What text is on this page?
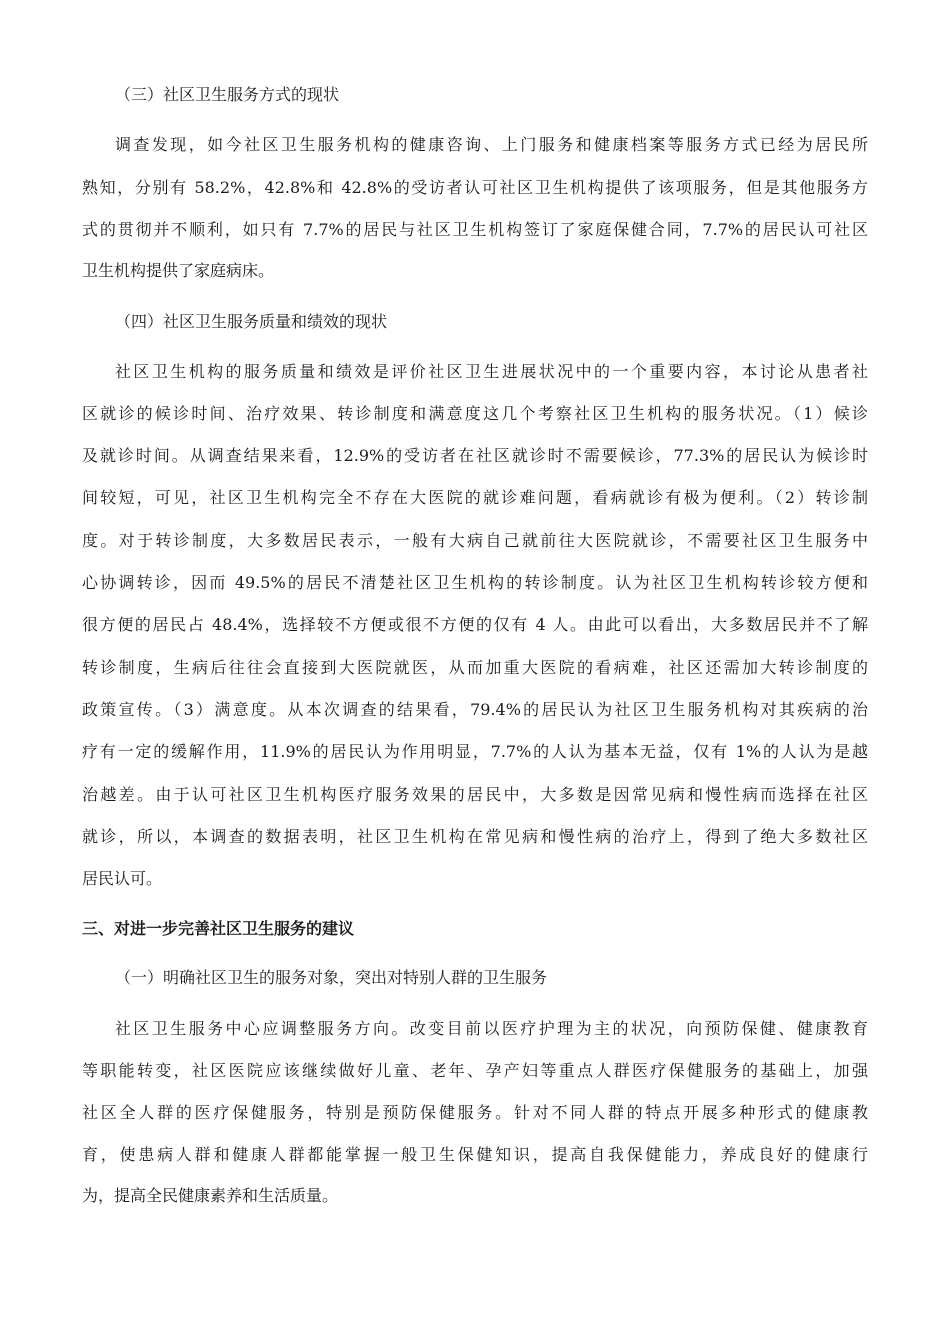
（三）社区卫生服务方式的现状
调查发现，如今社区卫生服务机构的健康咨询、上门服务和健康档案等服务方式已经为居民所
熟知，分别有 58.2%，42.8%和 42.8%的受访者认可社区卫生机构提供了该项服务，但是其他服务方
式的贯彻并不顺利，如只有 7.7%的居民与社区卫生机构签订了家庭保健合同，7.7%的居民认可社区
卫生机构提供了家庭病床。
（四）社区卫生服务质量和绩效的现状
社区卫生机构的服务质量和绩效是评价社区卫生进展状况中的一个重要内容，本讨论从患者社
区就诊的候诊时间、治疗效果、转诊制度和满意度这几个考察社区卫生机构的服务状况。（1）候诊
及就诊时间。从调查结果来看，12.9%的受访者在社区就诊时不需要候诊，77.3%的居民认为候诊时
间较短，可见，社区卫生机构完全不存在大医院的就诊难问题，看病就诊有极为便利。（2）转诊制
度。对于转诊制度，大多数居民表示，一般有大病自己就前往大医院就诊，不需要社区卫生服务中
心协调转诊，因而 49.5%的居民不清楚社区卫生机构的转诊制度。认为社区卫生机构转诊较方便和
很方便的居民占 48.4%，选择较不方便或很不方便的仅有 4 人。由此可以看出，大多数居民并不了解
转诊制度，生病后往往会直接到大医院就医，从而加重大医院的看病难，社区还需加大转诊制度的
政策宣传。（3）满意度。从本次调查的结果看，79.4%的居民认为社区卫生服务机构对其疾病的治
疗有一定的缓解作用，11.9%的居民认为作用明显，7.7%的人认为基本无益，仅有 1%的人认为是越
治越差。由于认可社区卫生机构医疗服务效果的居民中，大多数是因常见病和慢性病而选择在社区
就诊，所以，本调查的数据表明，社区卫生机构在常见病和慢性病的治疗上，得到了绝大多数社区
居民认可。
三、对进一步完善社区卫生服务的建议
（一）明确社区卫生的服务对象，突出对特别人群的卫生服务
社区卫生服务中心应调整服务方向。改变目前以医疗护理为主的状况，向预防保健、健康教育
等职能转变，社区医院应该继续做好儿童、老年、孕产妇等重点人群医疗保健服务的基础上，加强
社区全人群的医疗保健服务，特别是预防保健服务。针对不同人群的特点开展多种形式的健康教
育，使患病人群和健康人群都能掌握一般卫生保健知识，提高自我保健能力，养成良好的健康行
为，提高全民健康素养和生活质量。
